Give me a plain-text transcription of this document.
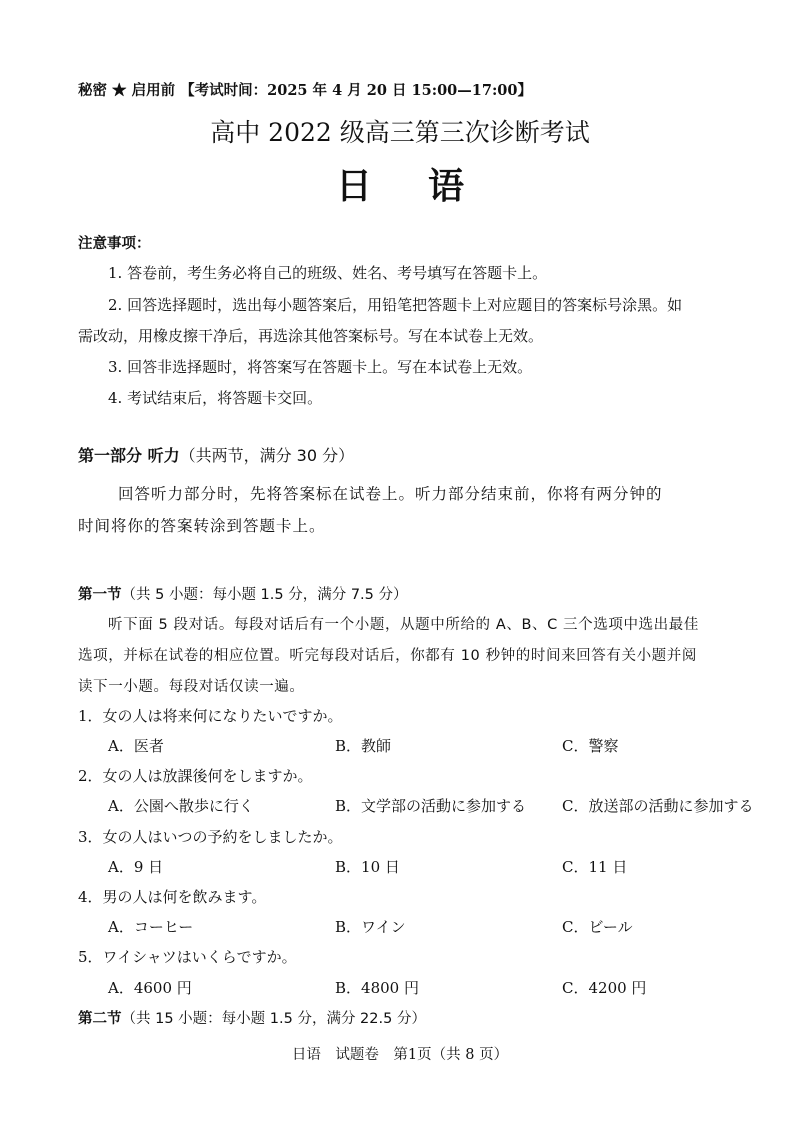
秘密 ★ 启用前 【考试时间：2025 年 4 月 20 日 15:00—17:00】
高中 2022 级高三第三次诊断考试
日语
注意事项：
1. 答卷前，考生务必将自己的班级、姓名、考号填写在答题卡上。
2. 回答选择题时，选出每小题答案后，用铅笔把答题卡上对应题目的答案标号涂黑。如
需改动，用橡皮擦干净后，再选涂其他答案标号。写在本试卷上无效。
3. 回答非选择题时，将答案写在答题卡上。写在本试卷上无效。
4. 考试结束后，将答题卡交回。
第一部分 听力（共两节，满分 30 分）
回答听力部分时，先将答案标在试卷上。听力部分结束前，你将有两分钟的
时间将你的答案转涂到答题卡上。
第一节（共 5 小题：每小题 1.5 分，满分 7.5 分）
听下面 5 段对话。每段对话后有一个小题，从题中所给的 A、B、C 三个选项中选出最佳
选项，并标在试卷的相应位置。听完每段对话后，你都有 10 秒钟的时间来回答有关小题并阅
读下一小题。每段对话仅读一遍。
1．女の人は将来何になりたいですか。
A．医者	B．教師	C．警察
2．女の人は放課後何をしますか。
A．公園へ散歩に行く	B．文学部の活動に参加する C．放送部の活動に参加する
3．女の人はいつの予約をしましたか。
A．9 日	B．10 日	C．11 日
4．男の人は何を飲みます。
A．コーヒー	B．ワイン	C．ビール
5．ワイシャツはいくらですか。
A．4600 円	B．4800 円	C．4200 円
第二节（共 15 小题：每小题 1.5 分，满分 22.5 分）
日语　试题卷　第1页（共 8 页）
